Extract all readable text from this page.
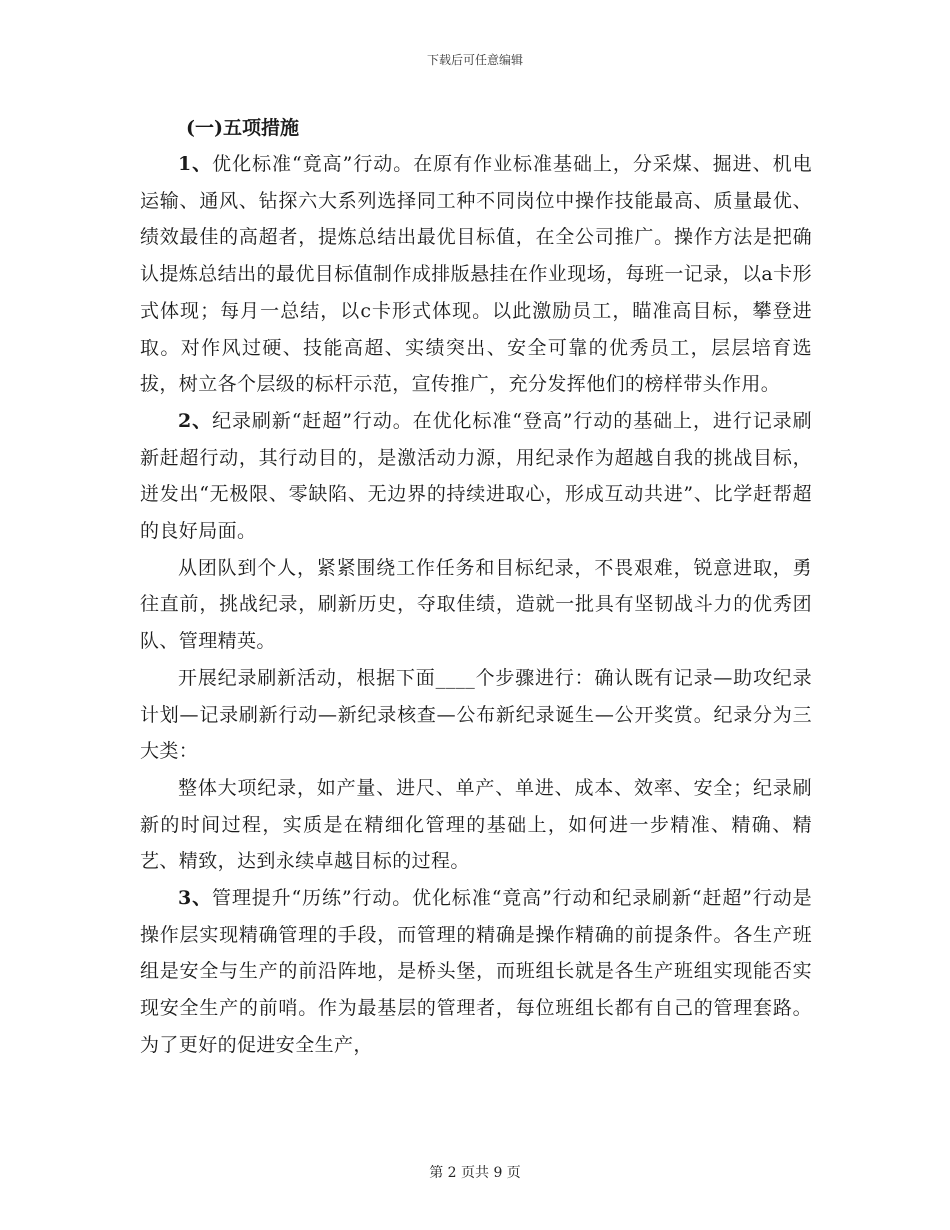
下载后可任意编辑
(一)五项措施

1、优化标准“竟高”行动。在原有作业标准基础上，分采煤、掘进、机电运输、通风、钻探六大系列选择同工种不同岗位中操作技能最高、质量最优、绩效最佳的高超者，提炼总结出最优目标值，在全公司推广。操作方法是把确认提炼总结出的最优目标值制作成排版悬挂在作业现场，每班一记录，以a卡形式体现；每月一总结，以c卡形式体现。以此激励员工，瞄准高目标，攀登进取。对作风过硬、技能高超、实绩突出、安全可靠的优秀员工，层层培育选拔，树立各个层级的标杆示范，宣传推广，充分发挥他们的榜样带头作用。

2、纪录刷新“赶超”行动。在优化标准“登高”行动的基础上，进行记录刷新赶超行动，其行动目的，是激活动力源，用纪录作为超越自我的挑战目标，迸发出“无极限、零缺陷、无边界的持续进取心，形成互动共进”、比学赶帮超的良好局面。

从团队到个人，紧紧围绕工作任务和目标纪录，不畏艰难，锐意进取，勇往直前，挑战纪录，刷新历史，夺取佳绩，造就一批具有坚韧战斗力的优秀团队、管理精英。

开展纪录刷新活动，根据下面____个步骤进行：确认既有记录—助攻纪录计划—记录刷新行动—新纪录核查—公布新纪录诞生—公开奖赏。纪录分为三大类：

整体大项纪录，如产量、进尺、单产、单进、成本、效率、安全；纪录刷新的时间过程，实质是在精细化管理的基础上，如何进一步精准、精确、精艺、精致，达到永续卓越目标的过程。

3、管理提升“历练”行动。优化标准“竟高”行动和纪录刷新“赶超”行动是操作层实现精确管理的手段，而管理的精确是操作精确的前提条件。各生产班组是安全与生产的前沿阵地，是桥头堡，而班组长就是各生产班组实现能否实现安全生产的前哨。作为最基层的管理者，每位班组长都有自己的管理套路。为了更好的促进安全生产，

第 2 页共 9 页
